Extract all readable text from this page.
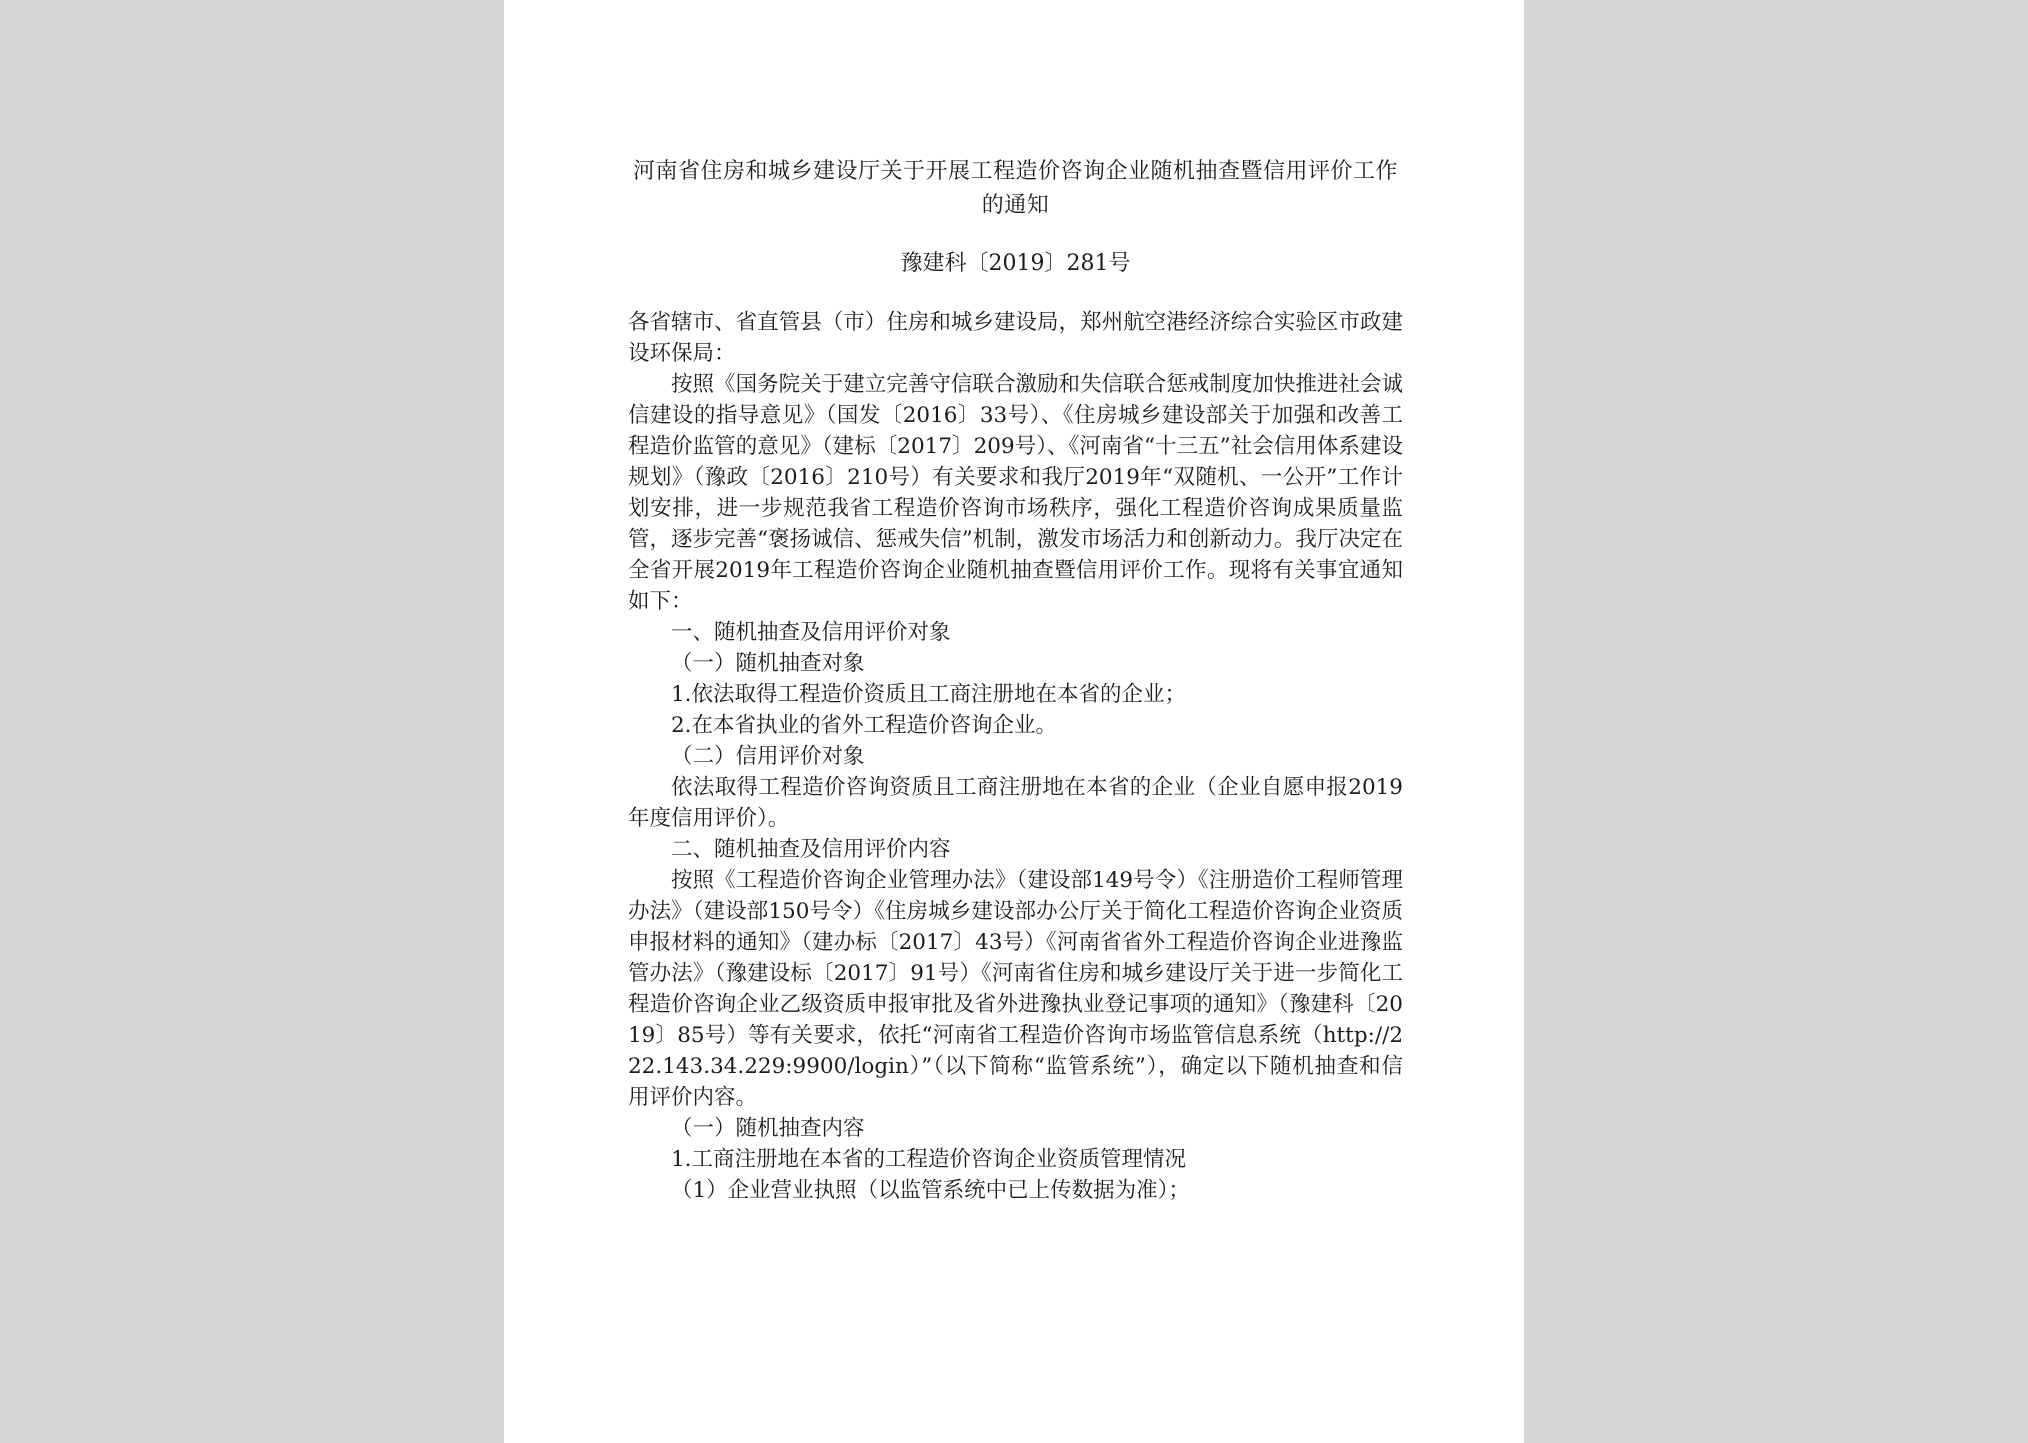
河南省住房和城乡建设厅关于开展工程造价咨询企业随机抽查暨信用评价工作的通知

豫建科〔2019〕281号

各省辖市、省直管县（市）住房和城乡建设局，郑州航空港经济综合实验区市政建设环保局：

按照《国务院关于建立完善守信联合激励和失信联合惩戒制度加快推进社会诚信建设的指导意见》（国发〔2016〕33号）、《住房城乡建设部关于加强和改善工程造价监管的意见》（建标〔2017〕209号）、《河南省“十三五”社会信用体系建设规划》（豫政〔2016〕210号）有关要求和我厅2019年“双随机、一公开”工作计划安排，进一步规范我省工程造价咨询市场秩序，强化工程造价咨询成果质量监管，逐步完善“褒扬诚信、惩戒失信”机制，激发市场活力和创新动力。我厅决定在全省开展2019年工程造价咨询企业随机抽查暨信用评价工作。现将有关事宜通知如下：

一、随机抽查及信用评价对象

（一）随机抽查对象

1.依法取得工程造价资质且工商注册地在本省的企业；

2.在本省执业的省外工程造价咨询企业。

（二）信用评价对象

依法取得工程造价咨询资质且工商注册地在本省的企业（企业自愿申报2019年度信用评价）。

二、随机抽查及信用评价内容

按照《工程造价咨询企业管理办法》（建设部149号令）《注册造价工程师管理办法》（建设部150号令）《住房城乡建设部办公厅关于简化工程造价咨询企业资质申报材料的通知》（建办标〔2017〕43号）《河南省省外工程造价咨询企业进豫监管办法》（豫建设标〔2017〕91号）《河南省住房和城乡建设厅关于进一步简化工程造价咨询企业乙级资质申报审批及省外进豫执业登记事项的通知》（豫建科〔2019〕85号）等有关要求，依托“河南省工程造价咨询市场监管信息系统（http://222.143.34.229:9900/login）”（以下简称“监管系统”），确定以下随机抽查和信用评价内容。

（一）随机抽查内容

1.工商注册地在本省的工程造价咨询企业资质管理情况

（1）企业营业执照（以监管系统中已上传数据为准）；
